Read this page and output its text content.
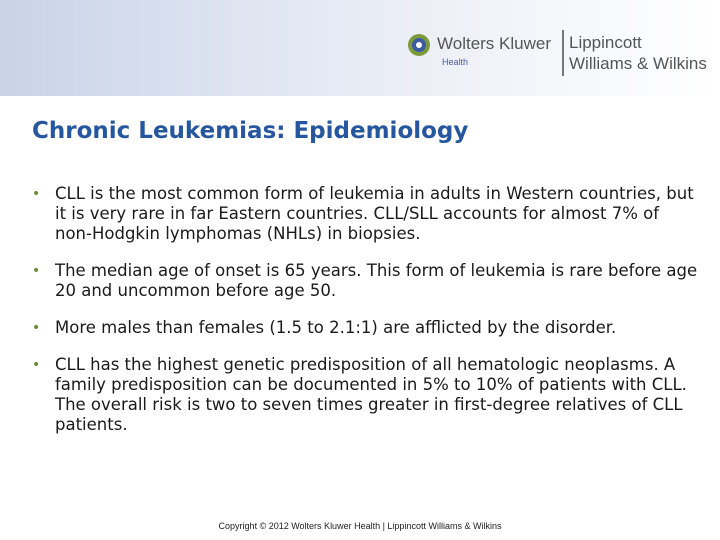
Wolters Kluwer
Health
Lippincott
Williams & Wilkins
Chronic Leukemias: Epidemiology
• CLL is the most common form of leukemia in adults in Western countries, but it is very rare in far Eastern countries. CLL/SLL accounts for almost 7% of non-Hodgkin lymphomas (NHLs) in biopsies.
• The median age of onset is 65 years. This form of leukemia is rare before age 20 and uncommon before age 50.
• More males than females (1.5 to 2.1:1) are afflicted by the disorder.
• CLL has the highest genetic predisposition of all hematologic neoplasms. A family predisposition can be documented in 5% to 10% of patients with CLL. The overall risk is two to seven times greater in first-degree relatives of CLL patients.
Copyright © 2012 Wolters Kluwer Health | Lippincott Williams & Wilkins
